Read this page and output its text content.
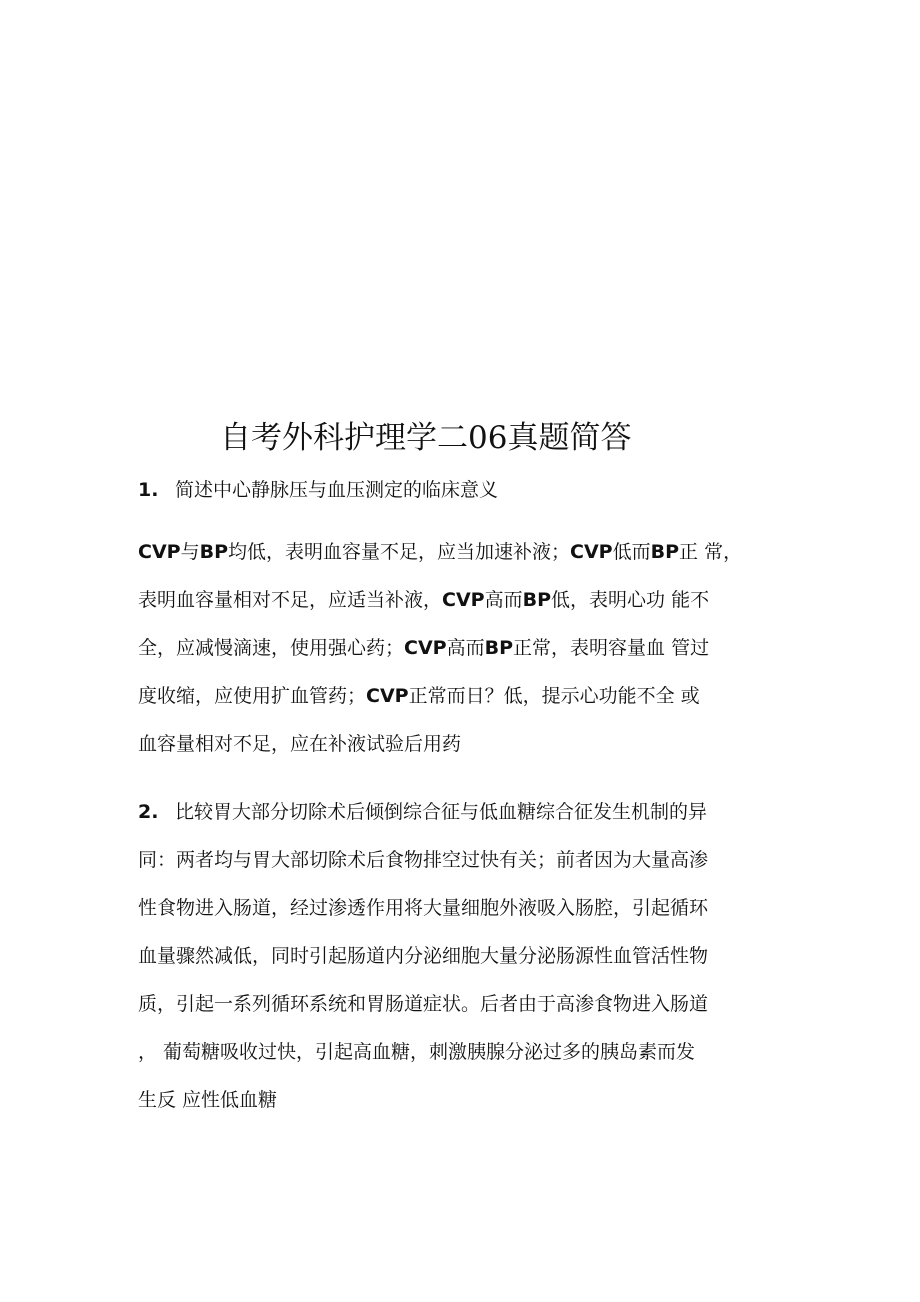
自考外科护理学二06真题简答
1. 简述中心静脉压与血压测定的临床意义
CVP与BP均低，表明血容量不足，应当加速补液；CVP低而BP正 常，
表明血容量相对不足，应适当补液，CVP高而BP低，表明心功 能不
全，应减慢滴速，使用强心药；CVP高而BP正常，表明容量血 管过
度收缩，应使用扩血管药；CVP正常而日？低，提示心功能不全 或
血容量相对不足，应在补液试验后用药
2. 比较胃大部分切除术后倾倒综合征与低血糖综合征发生机制的异
同：两者均与胃大部切除术后食物排空过快有关；前者因为大量高渗
性食物进入肠道，经过渗透作用将大量细胞外液吸入肠腔，引起循环
血量骤然减低，同时引起肠道内分泌细胞大量分泌肠源性血管活性物
质，引起一系列循环系统和胃肠道症状。后者由于高渗食物进入肠道
， 葡萄糖吸收过快，引起高血糖，刺激胰腺分泌过多的胰岛素而发
生反 应性低血糖
